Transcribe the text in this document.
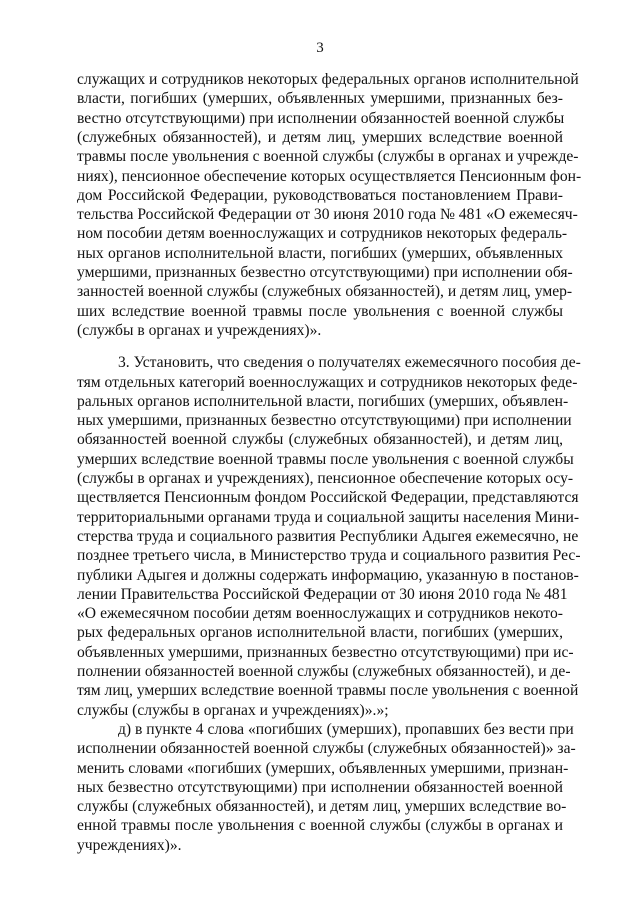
3
служащих и сотрудников некоторых федеральных органов исполнительной
власти, погибших (умерших, объявленных умершими, признанных без-
вестно отсутствующими) при исполнении обязанностей военной службы
(служебных обязанностей), и детям лиц, умерших вследствие военной
травмы после увольнения с военной службы (службы в органах и учрежде-
ниях), пенсионное обеспечение которых осуществляется Пенсионным фон-
дом Российской Федерации, руководствоваться постановлением Прави-
тельства Российской Федерации от 30 июня 2010 года № 481 «О ежемесяч-
ном пособии детям военнослужащих и сотрудников некоторых федераль-
ных органов исполнительной власти, погибших (умерших, объявленных
умершими, признанных безвестно отсутствующими) при исполнении обя-
занностей военной службы (служебных обязанностей), и детям лиц, умер-
ших вследствие военной травмы после увольнения с военной службы
(службы в органах и учреждениях)».
3. Установить, что сведения о получателях ежемесячного пособия де-
тям отдельных категорий военнослужащих и сотрудников некоторых феде-
ральных органов исполнительной власти, погибших (умерших, объявлен-
ных умершими, признанных безвестно отсутствующими) при исполнении
обязанностей военной службы (служебных обязанностей), и детям лиц,
умерших вследствие военной травмы после увольнения с военной службы
(службы в органах и учреждениях), пенсионное обеспечение которых осу-
ществляется Пенсионным фондом Российской Федерации, представляются
территориальными органами труда и социальной защиты населения Мини-
стерства труда и социального развития Республики Адыгея ежемесячно, не
позднее третьего числа, в Министерство труда и социального развития Рес-
публики Адыгея и должны содержать информацию, указанную в постанов-
лении Правительства Российской Федерации от 30 июня 2010 года № 481
«О ежемесячном пособии детям военнослужащих и сотрудников некото-
рых федеральных органов исполнительной власти, погибших (умерших,
объявленных умершими, признанных безвестно отсутствующими) при ис-
полнении обязанностей военной службы (служебных обязанностей), и де-
тям лиц, умерших вследствие военной травмы после увольнения с военной
службы (службы в органах и учреждениях)».»;
д) в пункте 4 слова «погибших (умерших), пропавших без вести при
исполнении обязанностей военной службы (служебных обязанностей)» за-
менить словами «погибших (умерших, объявленных умершими, признан-
ных безвестно отсутствующими) при исполнении обязанностей военной
службы (служебных обязанностей), и детям лиц, умерших вследствие во-
енной травмы после увольнения с военной службы (службы в органах и
учреждениях)».
